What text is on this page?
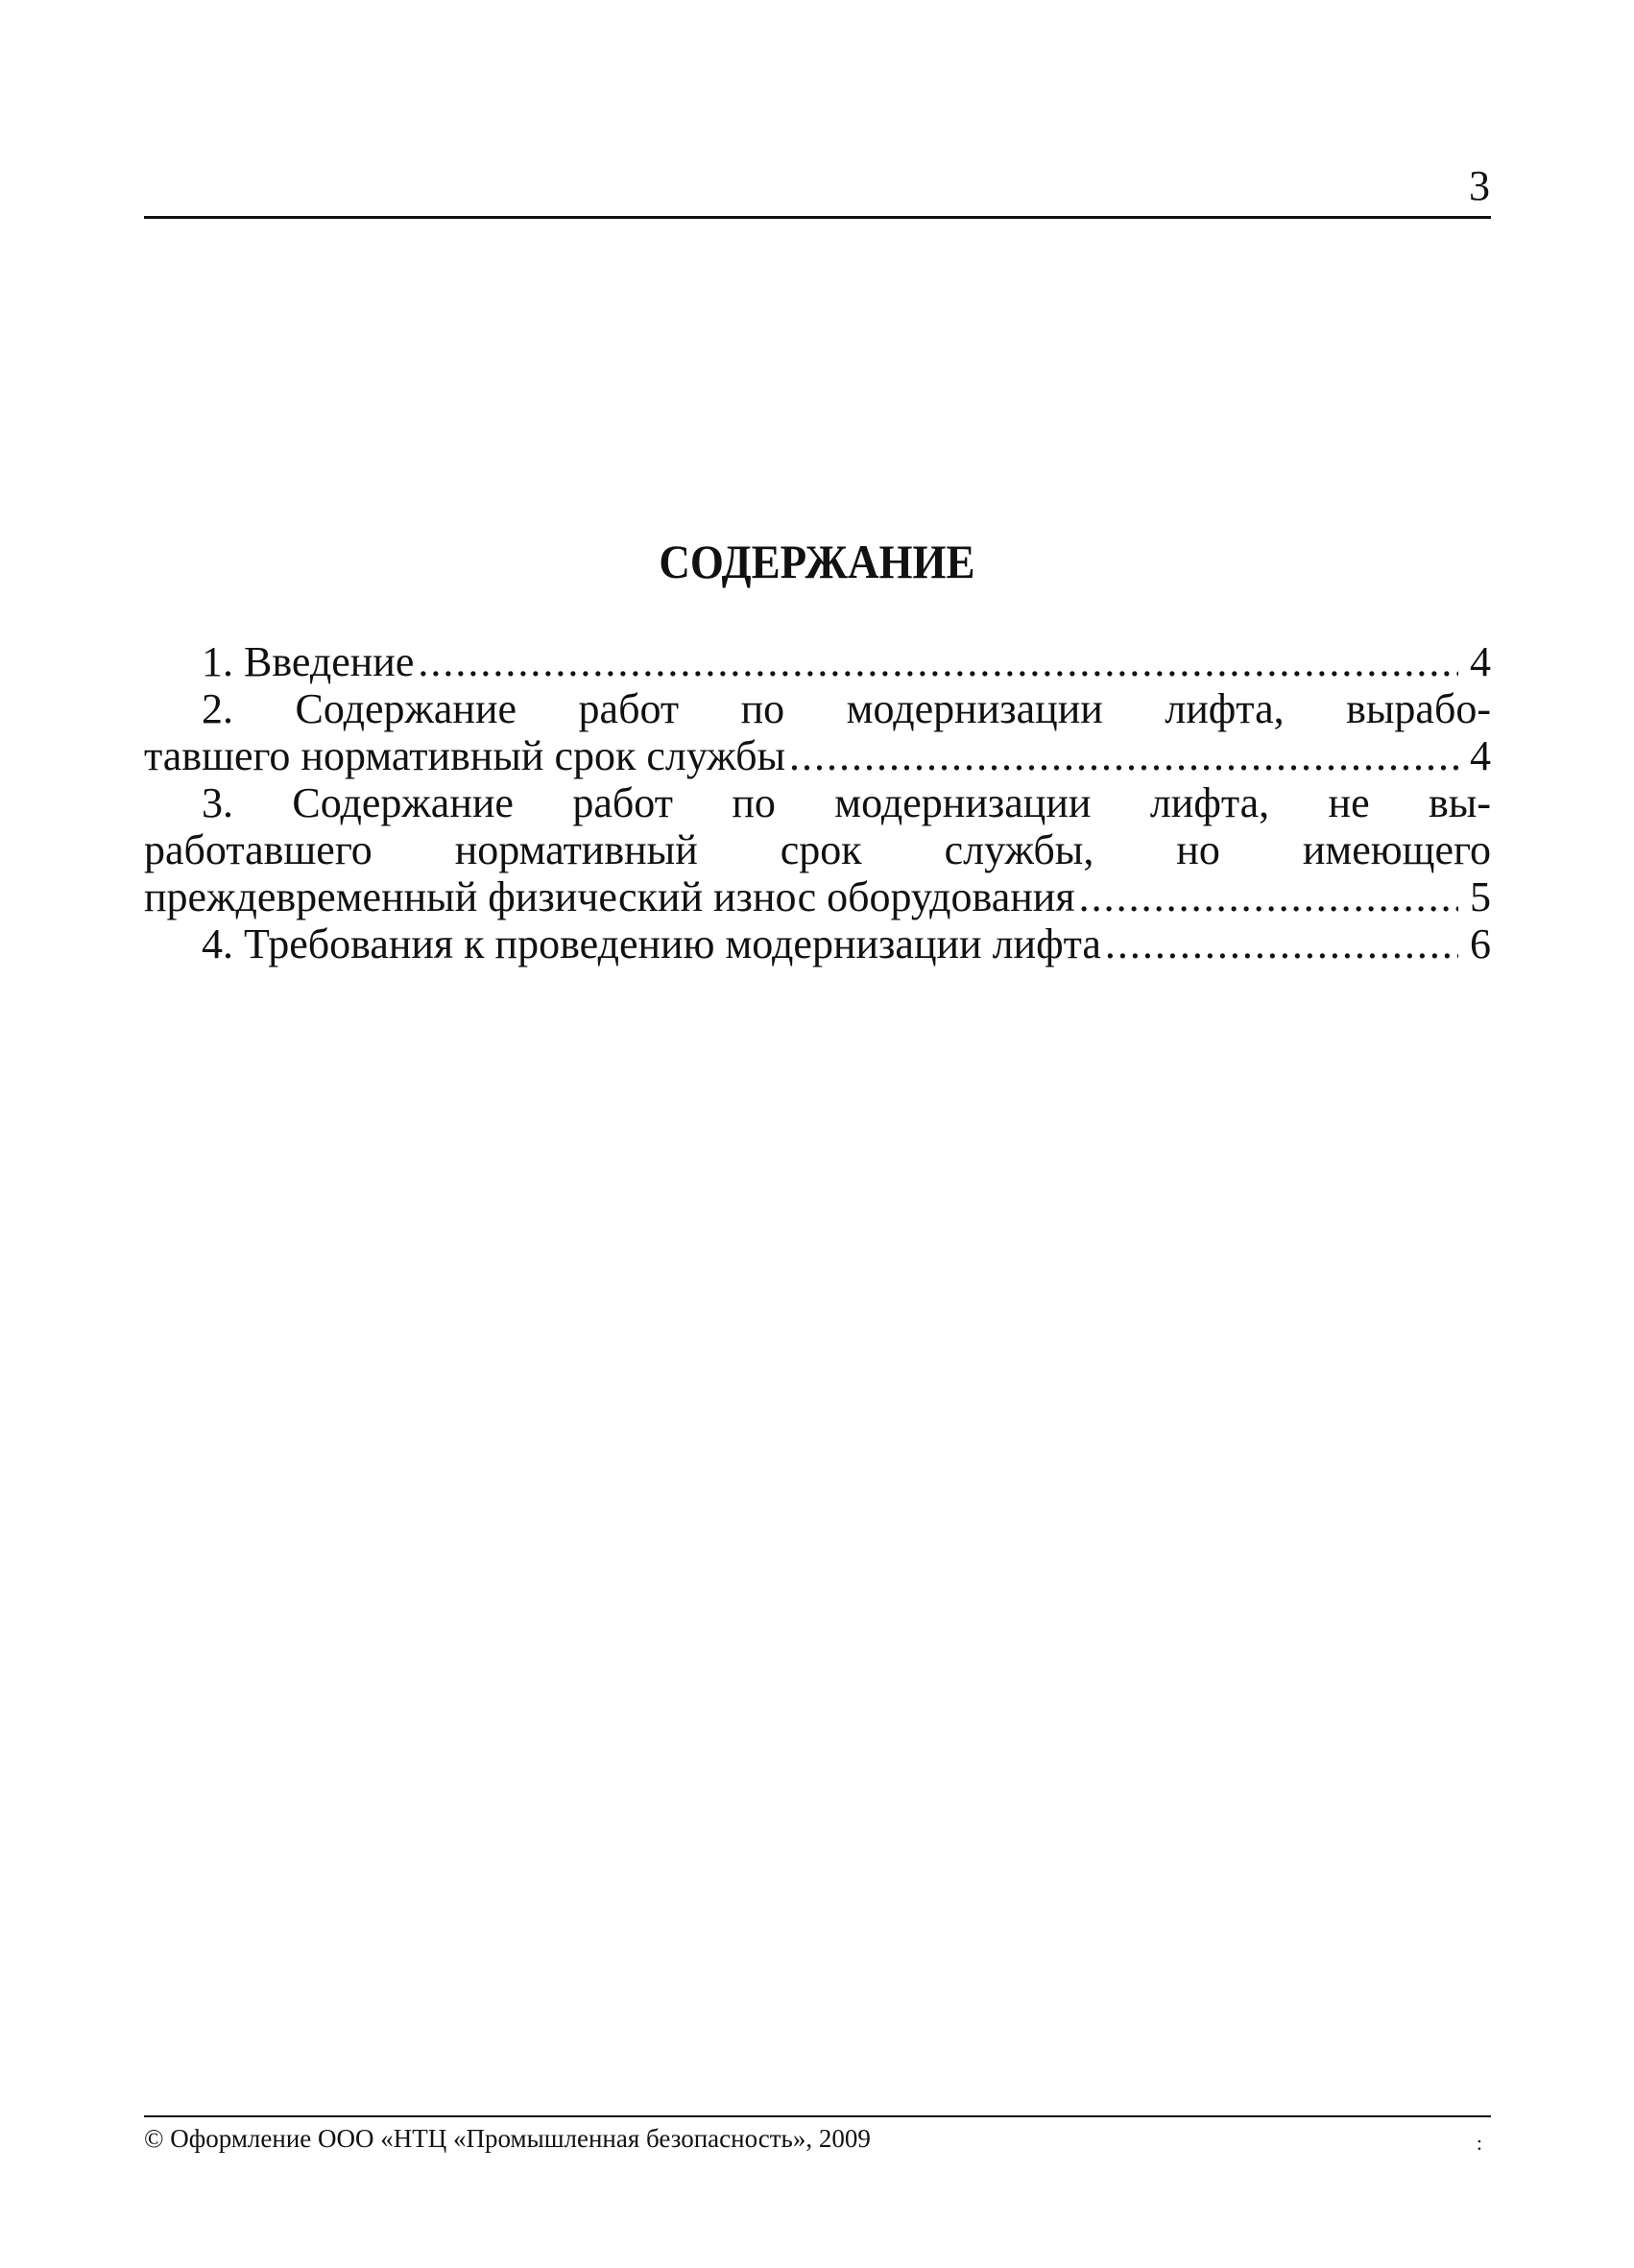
3
СОДЕРЖАНИЕ
1. Введение .....	4
2. Содержание работ по модернизации лифта, вырабо-
тавшего нормативный срок службы .....	4
3. Содержание работ по модернизации лифта, не вы-
работавшего нормативный срок службы, но имеющего
преждевременный физический износ оборудования .....	5
4. Требования к проведению модернизации лифта .....	6
© Оформление ООО «НТЦ «Промышленная безопасность», 2009	:
